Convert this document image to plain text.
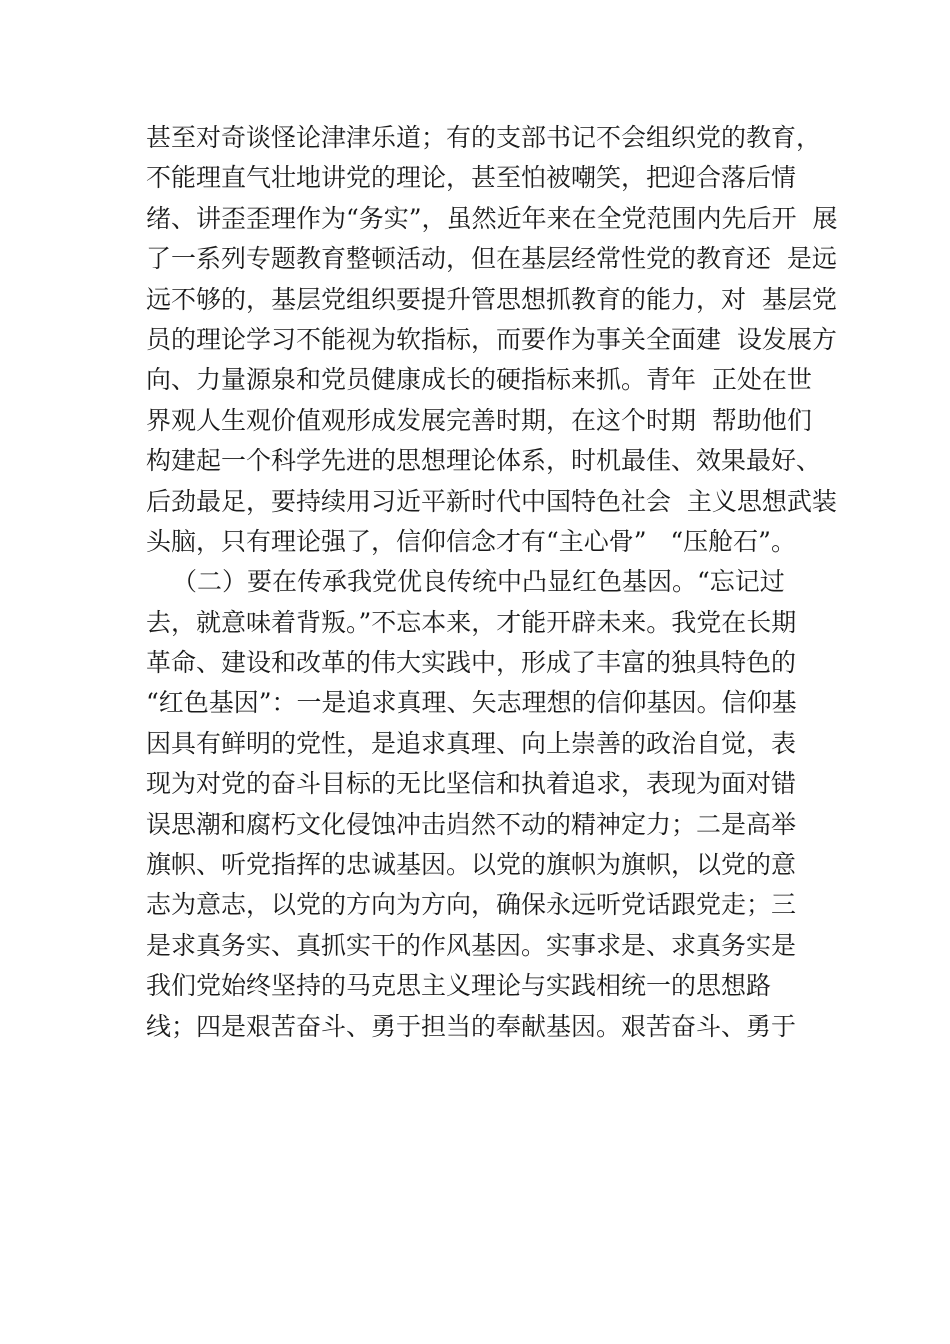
甚至对奇谈怪论津津乐道；有的支部书记不会组织党的教育，
不能理直气壮地讲党的理论，甚至怕被嘲笑，把迎合落后情
绪、讲歪歪理作为“务实”，虽然近年来在全党范围内先后开  展
了一系列专题教育整顿活动，但在基层经常性党的教育还  是远
远不够的，基层党组织要提升管思想抓教育的能力，对  基层党
员的理论学习不能视为软指标，而要作为事关全面建  设发展方
向、力量源泉和党员健康成长的硬指标来抓。青年  正处在世
界观人生观价值观形成发展完善时期，在这个时期  帮助他们
构建起一个科学先进的思想理论体系，时机最佳、效果最好、
后劲最足，要持续用习近平新时代中国特色社会  主义思想武装
头脑，只有理论强了，信仰信念才有“主心骨”   “压舱石”。
（二）要在传承我党优良传统中凸显红色基因。“忘记过
去，就意味着背叛。”不忘本来，才能开辟未来。我党在长期
革命、建设和改革的伟大实践中，形成了丰富的独具特色的
“红色基因”：一是追求真理、矢志理想的信仰基因。信仰基
因具有鲜明的党性，是追求真理、向上崇善的政治自觉，表
现为对党的奋斗目标的无比坚信和执着追求，表现为面对错
误思潮和腐朽文化侵蚀冲击岿然不动的精神定力；二是高举
旗帜、听党指挥的忠诚基因。以党的旗帜为旗帜，以党的意
志为意志，以党的方向为方向，确保永远听党话跟党走；三
是求真务实、真抓实干的作风基因。实事求是、求真务实是
我们党始终坚持的马克思主义理论与实践相统一的思想路
线；四是艰苦奋斗、勇于担当的奉献基因。艰苦奋斗、勇于
